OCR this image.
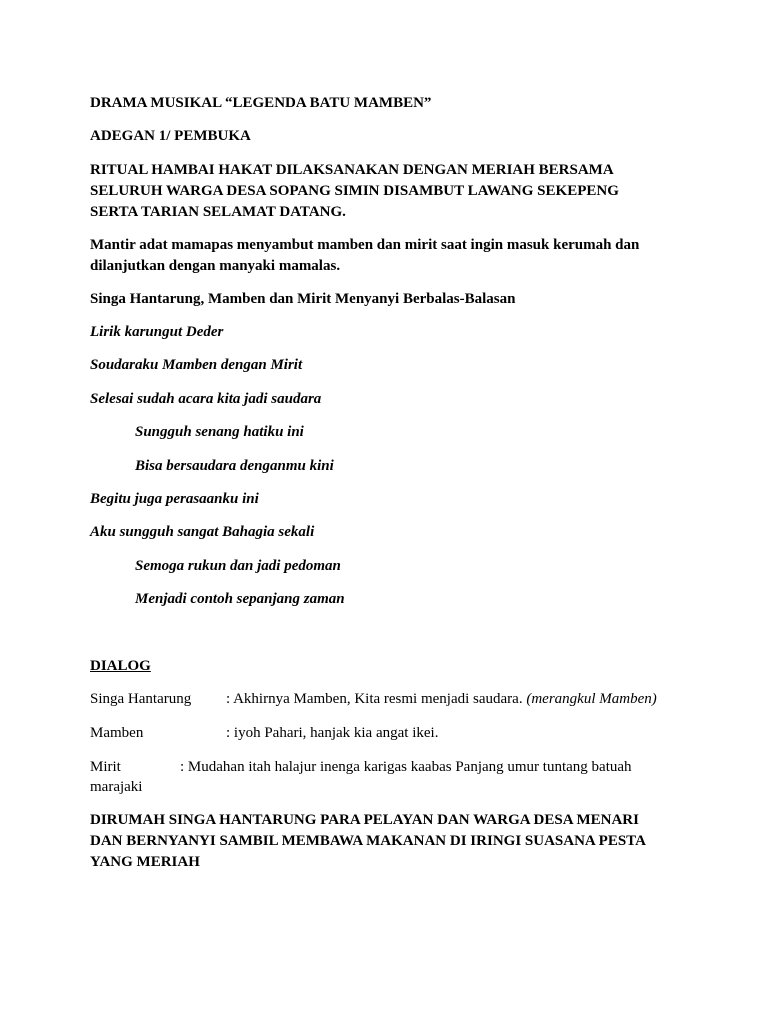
DRAMA MUSIKAL “LEGENDA BATU MAMBEN”
ADEGAN 1/ PEMBUKA
RITUAL HAMBAI HAKAT DILAKSANAKAN DENGAN MERIAH BERSAMA
SELURUH WARGA DESA SOPANG SIMIN DISAMBUT LAWANG SEKEPENG
SERTA TARIAN SELAMAT DATANG.
Mantir adat mamapas menyambut mamben dan mirit saat ingin masuk kerumah dan
dilanjutkan dengan manyaki mamalas.
Singa Hantarung, Mamben dan Mirit Menyanyi Berbalas-Balasan
Lirik karungut Deder
Soudaraku Mamben dengan Mirit
Selesai sudah acara kita jadi saudara
Sungguh senang hatiku ini
Bisa bersaudara denganmu kini
Begitu juga perasaanku ini
Aku sungguh sangat Bahagia sekali
Semoga rukun dan jadi pedoman
Menjadi contoh sepanjang zaman
DIALOG
Singa Hantarung : Akhirnya Mamben, Kita resmi menjadi saudara. (merangkul Mamben)
Mamben	: iyoh Pahari, hanjak kia angat ikei.
Mirit	: Mudahan itah halajur inenga karigas kaabas Panjang umur tuntang batuah
marajaki
DIRUMAH SINGA HANTARUNG PARA PELAYAN DAN WARGA DESA MENARI
DAN BERNYANYI SAMBIL MEMBAWA MAKANAN DI IRINGI SUASANA PESTA
YANG MERIAH
